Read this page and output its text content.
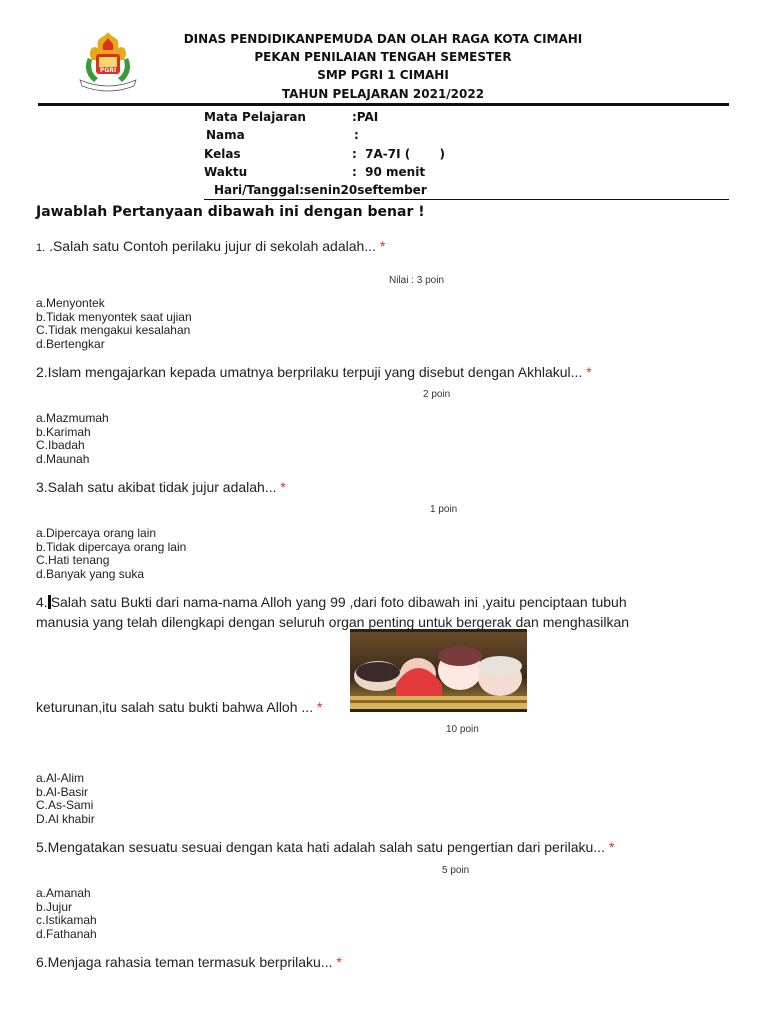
PGRI
DINAS PENDIDIKANPEMUDA DAN OLAH RAGA KOTA CIMAHI
PEKAN PENILAIAN TENGAH SEMESTER
SMP PGRI 1 CIMAHI
TAHUN PELAJARAN 2021/2022
Mata Pelajaran	:PAI
Nama	:
Kelas	:  7A-7I (       )
Waktu	:  90 menit
Hari/Tanggal:senin20seftember
Jawablah Pertanyaan dibawah ini dengan benar !
1. .Salah satu Contoh perilaku jujur di sekolah adalah... *
Nilai : 3 poin
a.Menyontek
b.Tidak menyontek saat ujian
C.Tidak mengakui kesalahan
d.Bertengkar
2.Islam mengajarkan kepada umatnya berprilaku terpuji yang disebut dengan Akhlakul... *
2 poin
a.Mazmumah
b.Karimah
C.Ibadah
d.Maunah
3.Salah satu akibat tidak jujur adalah... *
1 poin
a.Dipercaya orang lain
b.Tidak dipercaya orang lain
C.Hati tenang
d.Banyak yang suka
4. Salah satu Bukti dari nama-nama Alloh yang 99 ,dari foto dibawah ini ,yaitu penciptaan tubuh
manusia yang telah dilengkapi dengan seluruh organ penting untuk bergerak dan menghasilkan
keturunan,itu salah satu bukti bahwa Alloh ... *
10 poin
a.Al-Alim
b.Al-Basir
C.As-Sami
D.Al khabir
5.Mengatakan sesuatu sesuai dengan kata hati adalah salah satu pengertian dari perilaku... *
5 poin
a.Amanah
b.Jujur
c.Istikamah
d.Fathanah
6.Menjaga rahasia teman termasuk berprilaku... *
